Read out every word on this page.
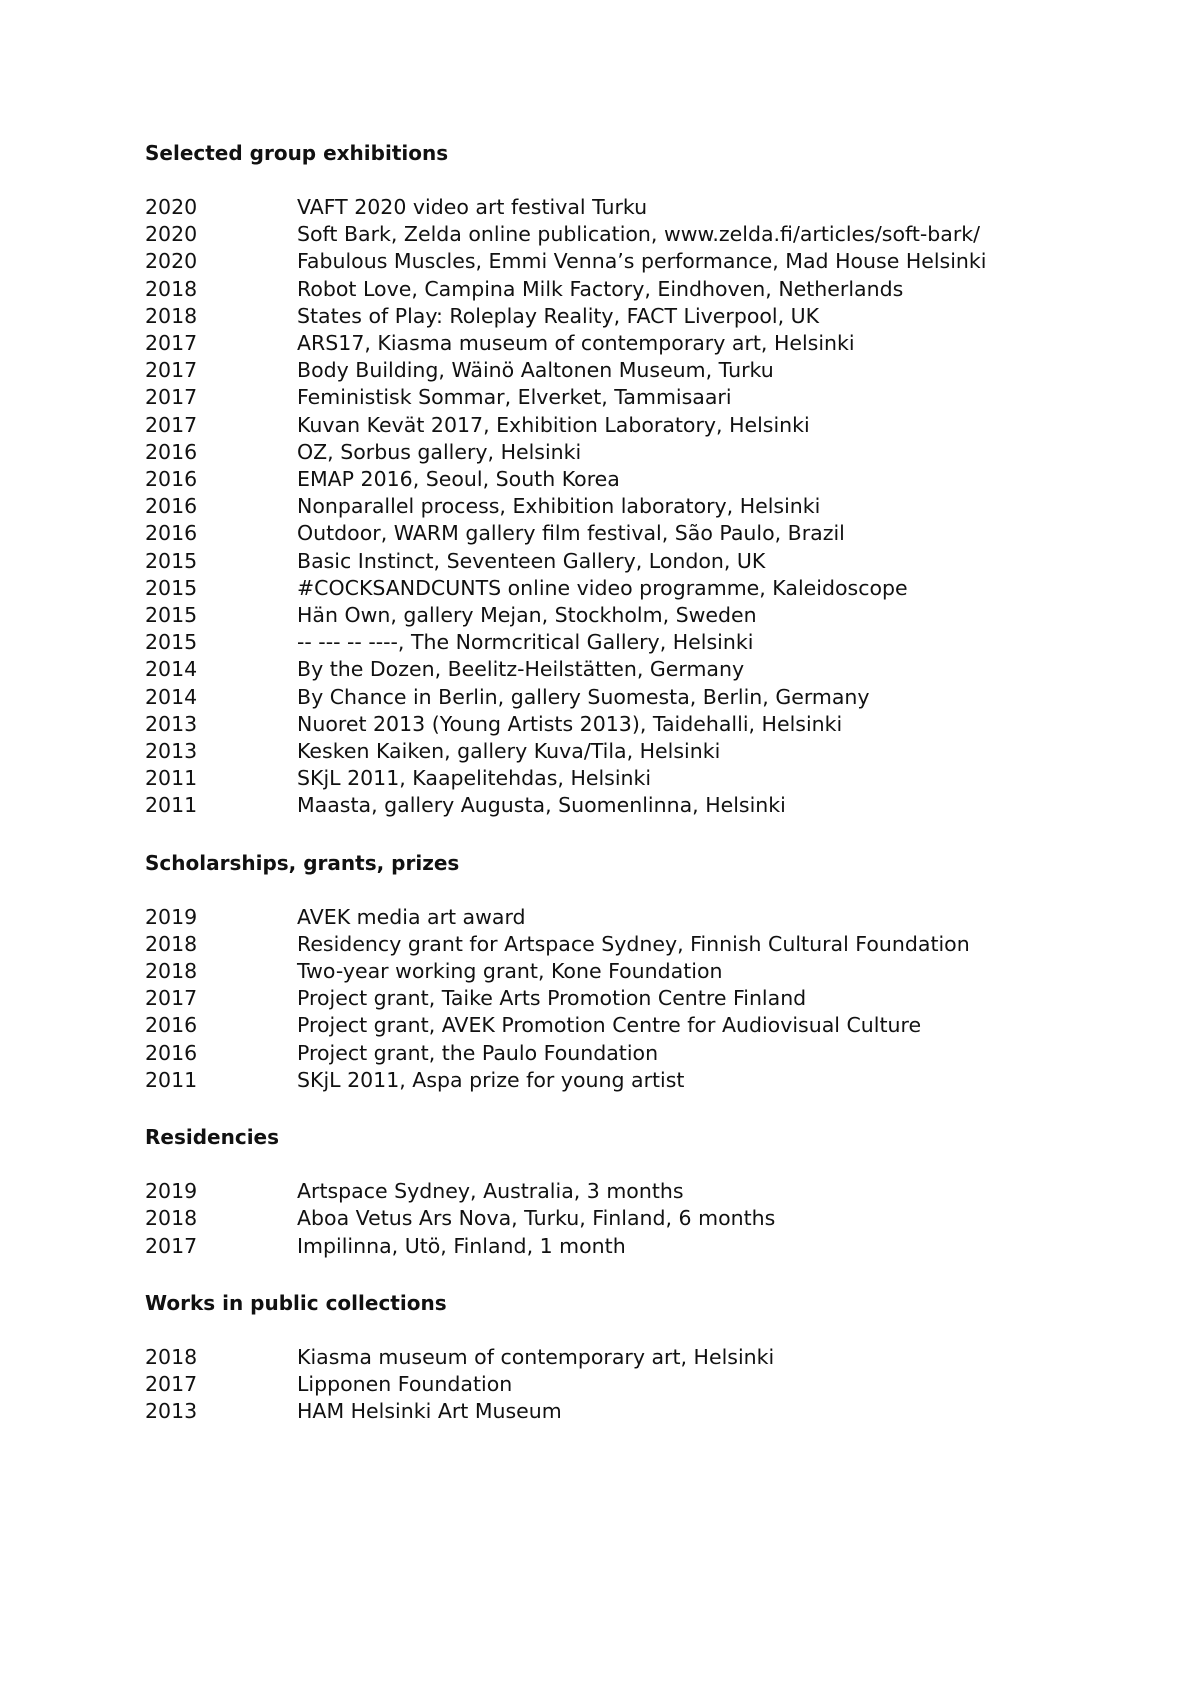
Selected group exhibitions
2020	VAFT 2020 video art festival Turku
2020	Soft Bark, Zelda online publication, www.zelda.fi/articles/soft-bark/
2020	Fabulous Muscles, Emmi Venna’s performance, Mad House Helsinki
2018	Robot Love, Campina Milk Factory, Eindhoven, Netherlands
2018	States of Play: Roleplay Reality, FACT Liverpool, UK
2017	ARS17, Kiasma museum of contemporary art, Helsinki
2017	Body Building, Wäinö Aaltonen Museum, Turku
2017	Feministisk Sommar, Elverket, Tammisaari
2017	Kuvan Kevät 2017, Exhibition Laboratory, Helsinki
2016	OZ, Sorbus gallery, Helsinki
2016	EMAP 2016, Seoul, South Korea
2016	Nonparallel process, Exhibition laboratory, Helsinki
2016	Outdoor, WARM gallery film festival, São Paulo, Brazil
2015	Basic Instinct, Seventeen Gallery, London, UK
2015	#COCKSANDCUNTS online video programme, Kaleidoscope
2015	Hän Own, gallery Mejan, Stockholm, Sweden
2015	-- --- -- ----, The Normcritical Gallery, Helsinki
2014	By the Dozen, Beelitz-Heilstätten, Germany
2014	By Chance in Berlin, gallery Suomesta, Berlin, Germany
2013	Nuoret 2013 (Young Artists 2013), Taidehalli, Helsinki
2013	Kesken Kaiken, gallery Kuva/Tila, Helsinki
2011	SKjL 2011, Kaapelitehdas, Helsinki
2011	Maasta, gallery Augusta, Suomenlinna, Helsinki
Scholarships, grants, prizes
2019	AVEK media art award
2018	Residency grant for Artspace Sydney, Finnish Cultural Foundation
2018	Two-year working grant, Kone Foundation
2017	Project grant, Taike Arts Promotion Centre Finland
2016	Project grant, AVEK Promotion Centre for Audiovisual Culture
2016	Project grant, the Paulo Foundation
2011	SKjL 2011, Aspa prize for young artist
Residencies
2019	Artspace Sydney, Australia, 3 months
2018	Aboa Vetus Ars Nova, Turku, Finland, 6 months
2017	Impilinna, Utö, Finland, 1 month
Works in public collections
2018	Kiasma museum of contemporary art, Helsinki
2017	Lipponen Foundation
2013	HAM Helsinki Art Museum
